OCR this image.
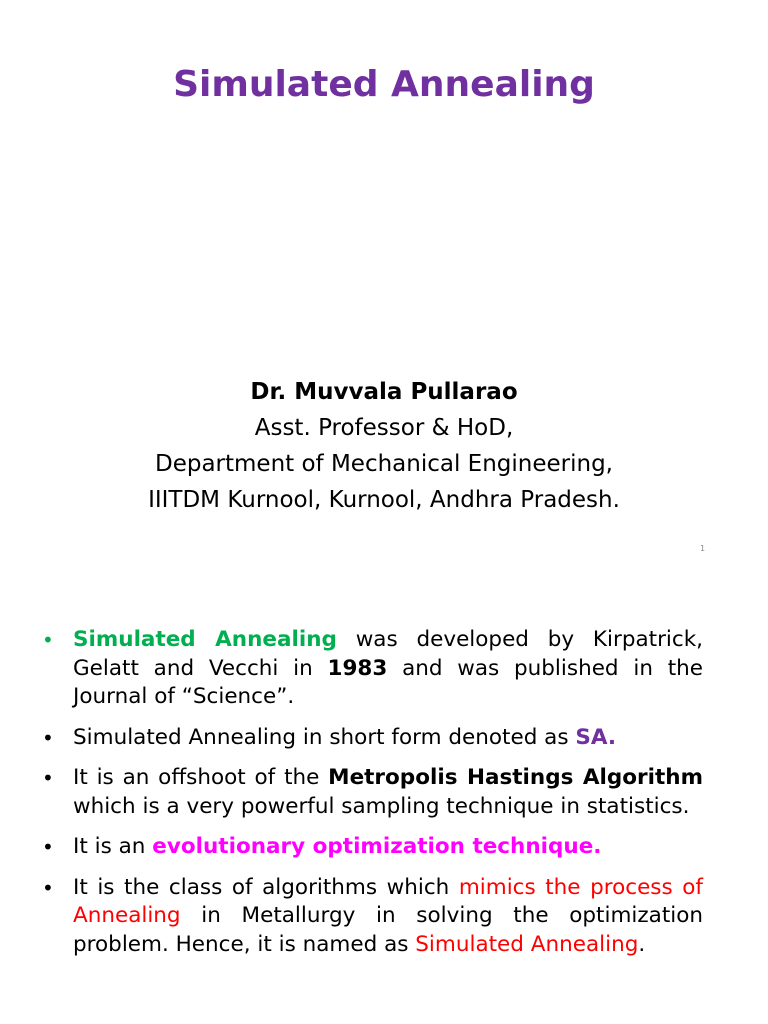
Simulated Annealing
Dr. Muvvala Pullarao
Asst. Professor & HoD,
Department of Mechanical Engineering,
IIITDM Kurnool, Kurnool, Andhra Pradesh.
1
• Simulated Annealing was developed by Kirpatrick, Gelatt and Vecchi in 1983 and was published in the Journal of “Science”.
• Simulated Annealing in short form denoted as SA.
• It is an offshoot of the Metropolis Hastings Algorithm which is a very powerful sampling technique in statistics.
• It is an evolutionary optimization technique.
• It is the class of algorithms which mimics the process of Annealing in Metallurgy in solving the optimization problem. Hence, it is named as Simulated Annealing.
